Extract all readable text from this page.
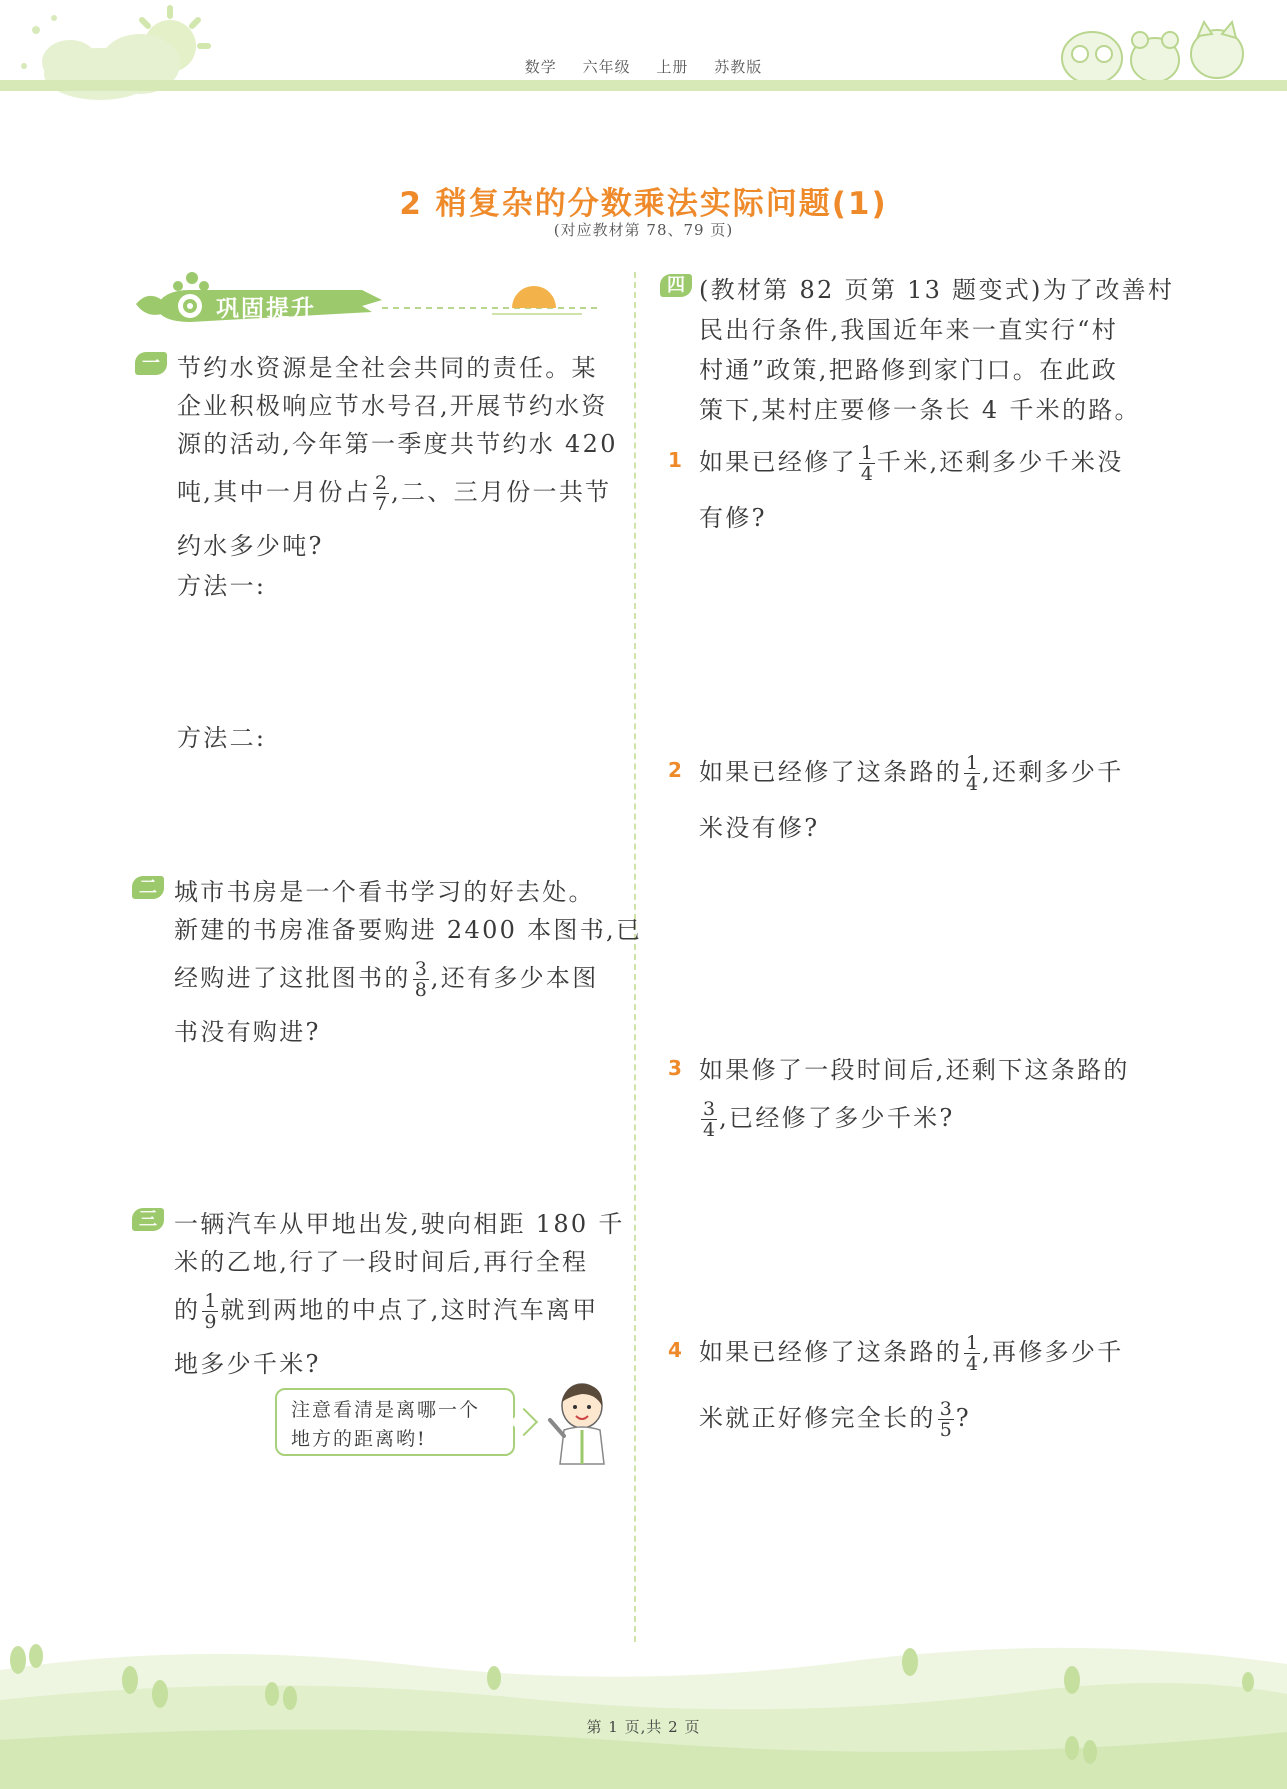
数学 六年级 上册 苏教版
2 稍复杂的分数乘法实际问题(1)
(对应教材第 78、79 页)
巩固提升
一 节约水资源是全社会共同的责任。某
企业积极响应节水号召,开展节约水资
源的活动,今年第一季度共节约水 420
吨,其中一月份占 $\frac{2}{7}$ ,二、三月份一共节
约水多少吨?
方法一:
方法二:
二 城市书房是一个看书学习的好去处。
新建的书房准备要购进 2400 本图书,已
经购进了这批图书的 $\frac{3}{8}$ ,还有多少本图
书没有购进?
三 一辆汽车从甲地出发,驶向相距 180 千
米的乙地,行了一段时间后,再行全程
的 $\frac{1}{9}$ 就到两地的中点了,这时汽车离甲
地多少千米?
注意看清是离哪一个
地方的距离哟!
四 (教材第 82 页第 13 题变式)为了改善村
民出行条件,我国近年来一直实行“村
村通”政策,把路修到家门口。在此政
策下,某村庄要修一条长 4 千米的路。
1 如果已经修了 $\frac{1}{4}$ 千米,还剩多少千米没
有修?
2 如果已经修了这条路的 $\frac{1}{4}$ ,还剩多少千
米没有修?
3 如果修了一段时间后,还剩下这条路的
$\frac{3}{4}$ ,已经修了多少千米?
4 如果已经修了这条路的 $\frac{1}{4}$ ,再修多少千
米就正好修完全长的 $\frac{3}{5}$ ?
第 1 页,共 2 页
